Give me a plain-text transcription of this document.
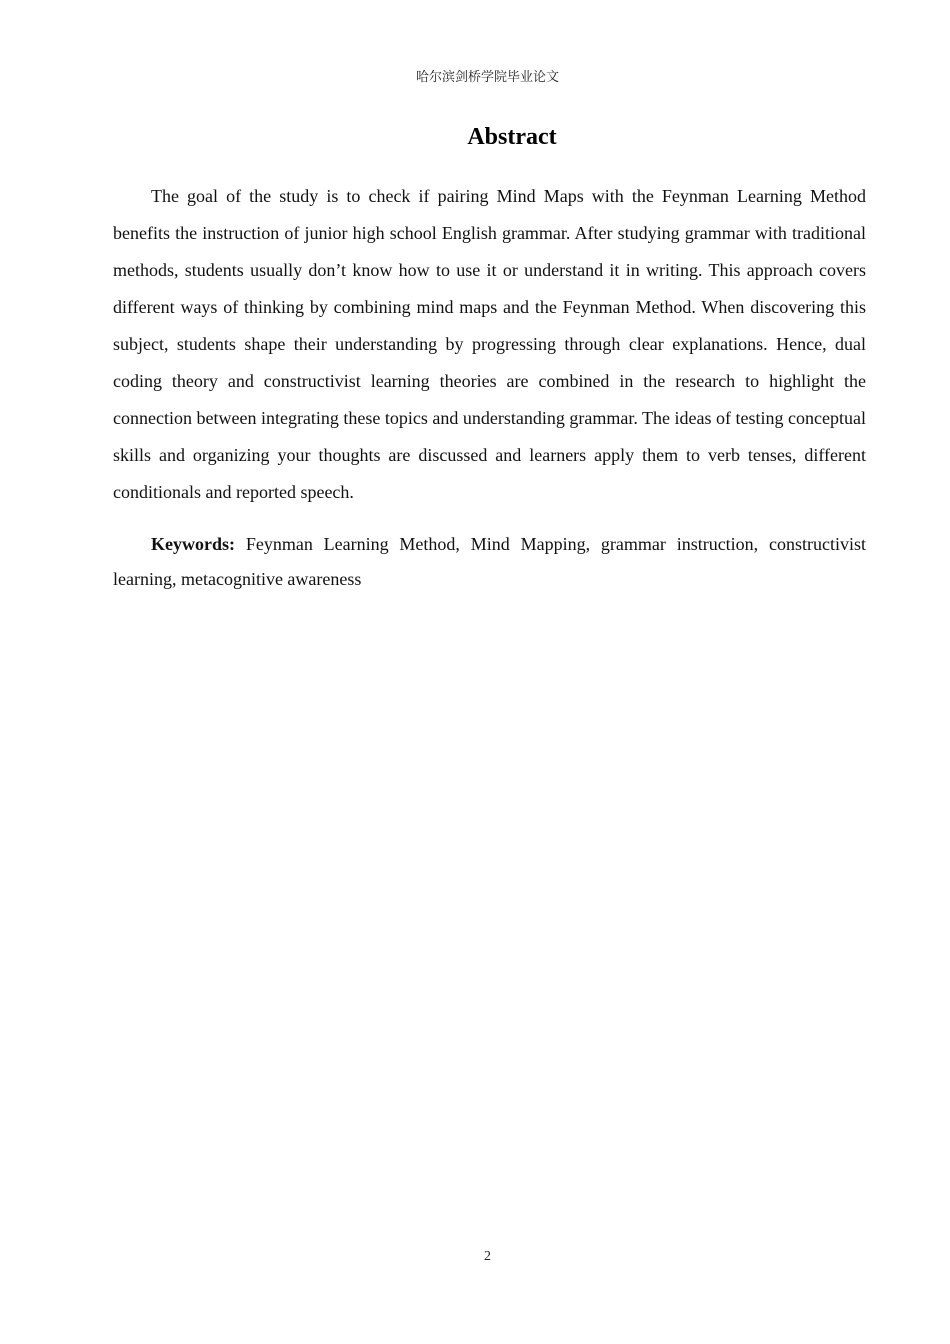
哈尔滨剑桥学院毕业论文
Abstract

The goal of the study is to check if pairing Mind Maps with the Feynman Learning Method benefits the instruction of junior high school English grammar. After studying grammar with traditional methods, students usually don’t know how to use it or understand it in writing. This approach covers different ways of thinking by combining mind maps and the Feynman Method. When discovering this subject, students shape their understanding by progressing through clear explanations. Hence, dual coding theory and constructivist learning theories are combined in the research to highlight the connection between integrating these topics and understanding grammar. The ideas of testing conceptual skills and organizing your thoughts are discussed and learners apply them to verb tenses, different conditionals and reported speech.

Keywords: Feynman Learning Method, Mind Mapping, grammar instruction, constructivist learning, metacognitive awareness

2
